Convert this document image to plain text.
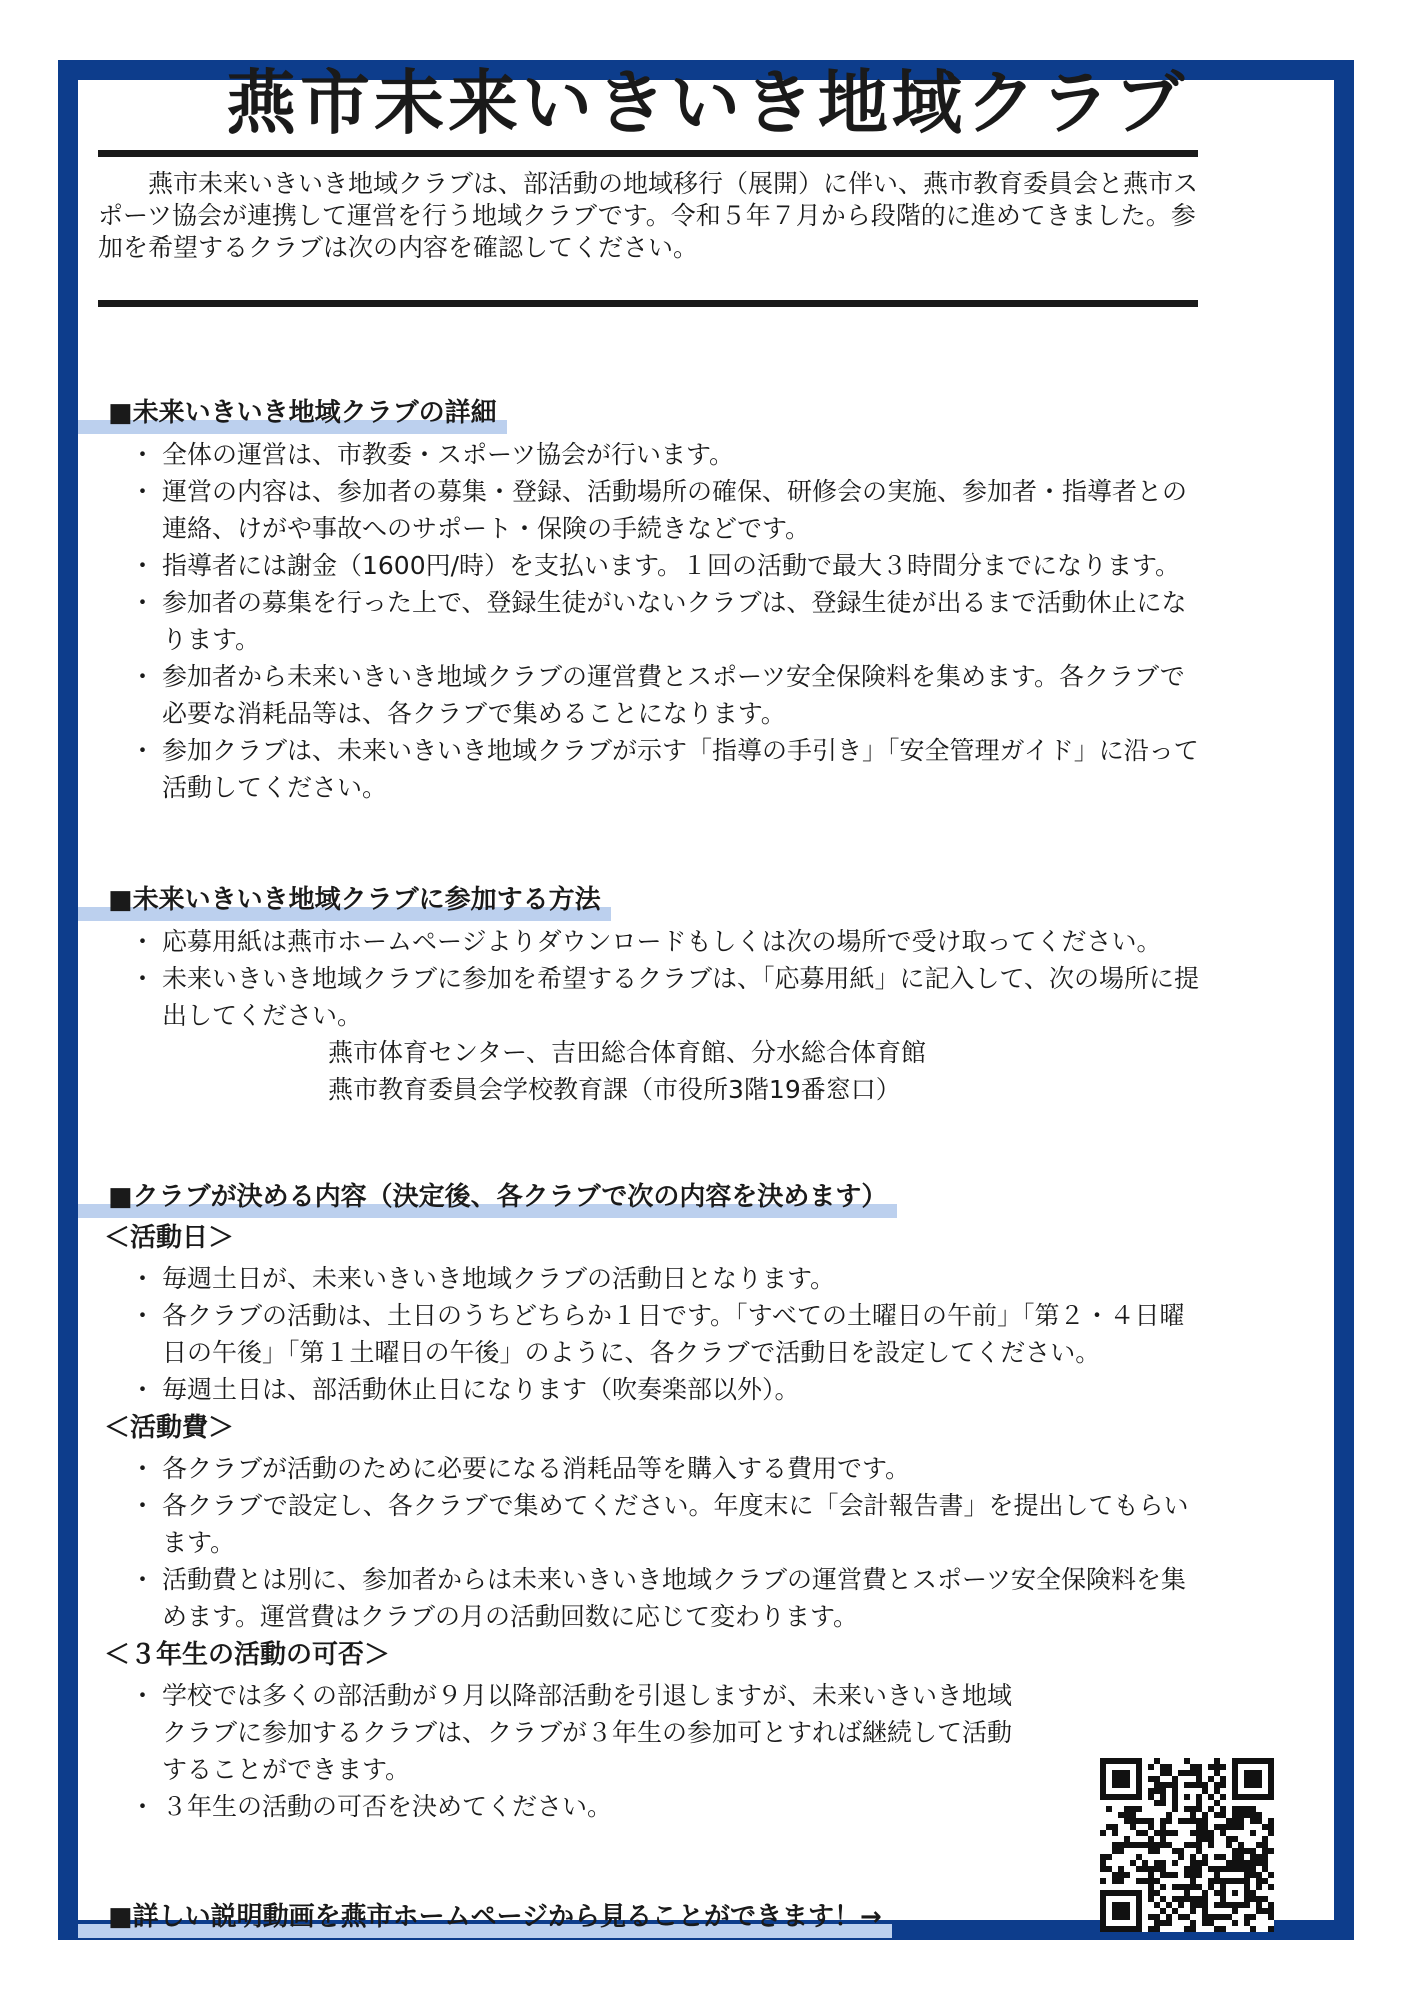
燕市未来いきいき地域クラブ

燕市未来いきいき地域クラブは、部活動の地域移行（展開）に伴い、燕市教育委員会と燕市スポーツ協会が連携して運営を行う地域クラブです。令和５年７月から段階的に進めてきました。参加を希望するクラブは次の内容を確認してください。

■未来いきいき地域クラブの詳細
・ 全体の運営は、市教委・スポーツ協会が行います。
・ 運営の内容は、参加者の募集・登録、活動場所の確保、研修会の実施、参加者・指導者との連絡、けがや事故へのサポート・保険の手続きなどです。
・ 指導者には謝金（1600円/時）を支払います。１回の活動で最大３時間分までになります。
・ 参加者の募集を行った上で、登録生徒がいないクラブは、登録生徒が出るまで活動休止になります。
・ 参加者から未来いきいき地域クラブの運営費とスポーツ安全保険料を集めます。各クラブで必要な消耗品等は、各クラブで集めることになります。
・ 参加クラブは、未来いきいき地域クラブが示す「指導の手引き」「安全管理ガイド」に沿って活動してください。
■未来いきいき地域クラブに参加する方法
・ 応募用紙は燕市ホームページよりダウンロードもしくは次の場所で受け取ってください。
・ 未来いきいき地域クラブに参加を希望するクラブは、「応募用紙」に記入して、次の場所に提出してください。
燕市体育センター、吉田総合体育館、分水総合体育館
燕市教育委員会学校教育課（市役所3階19番窓口）
■クラブが決める内容（決定後、各クラブで次の内容を決めます）
＜活動日＞
・ 毎週土日が、未来いきいき地域クラブの活動日となります。
・ 各クラブの活動は、土日のうちどちらか１日です。「すべての土曜日の午前」「第２・４日曜日の午後」「第１土曜日の午後」のように、各クラブで活動日を設定してください。
・ 毎週土日は、部活動休止日になります（吹奏楽部以外）。
＜活動費＞
・ 各クラブが活動のために必要になる消耗品等を購入する費用です。
・ 各クラブで設定し、各クラブで集めてください。年度末に「会計報告書」を提出してもらいます。
・ 活動費とは別に、参加者からは未来いきいき地域クラブの運営費とスポーツ安全保険料を集めます。運営費はクラブの月の活動回数に応じて変わります。
＜３年生の活動の可否＞
・ 学校では多くの部活動が９月以降部活動を引退しますが、未来いきいき地域クラブに参加するクラブは、クラブが３年生の参加可とすれば継続して活動することができます。
・ ３年生の活動の可否を決めてください。
■詳しい説明動画を燕市ホームページから見ることができます！→
